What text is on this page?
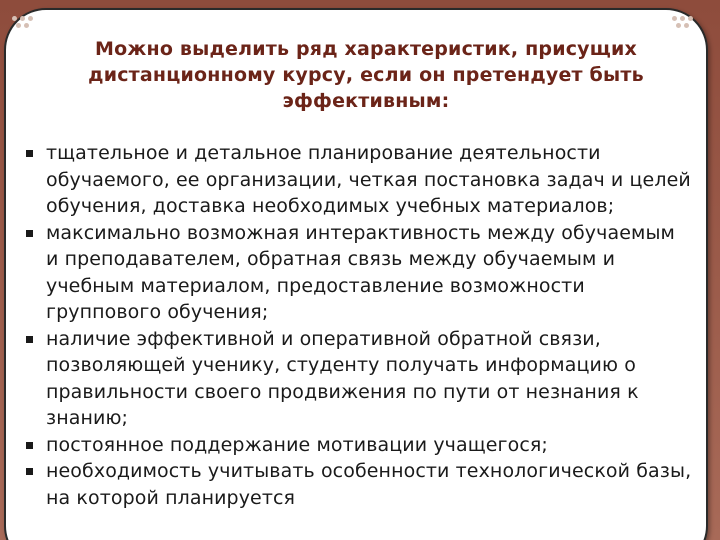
Можно выделить ряд характеристик, присущих дистанционному курсу, если он претендует быть эффективным:
тщательное и детальное планирование деятельности обучаемого, ее организации, четкая постановка задач и целей обучения, доставка необходимых учебных материалов;
максимально возможная интерактивность между обучаемым и преподавателем, обратная связь между обучаемым и учебным материалом, предоставление возможности группового обучения;
наличие эффективной и оперативной обратной связи, позволяющей ученику, студенту получать информацию о правильности своего продвижения по пути от незнания к знанию;
постоянное поддержание мотивации учащегося;
необходимость учитывать особенности технологической базы, на которой планируется
